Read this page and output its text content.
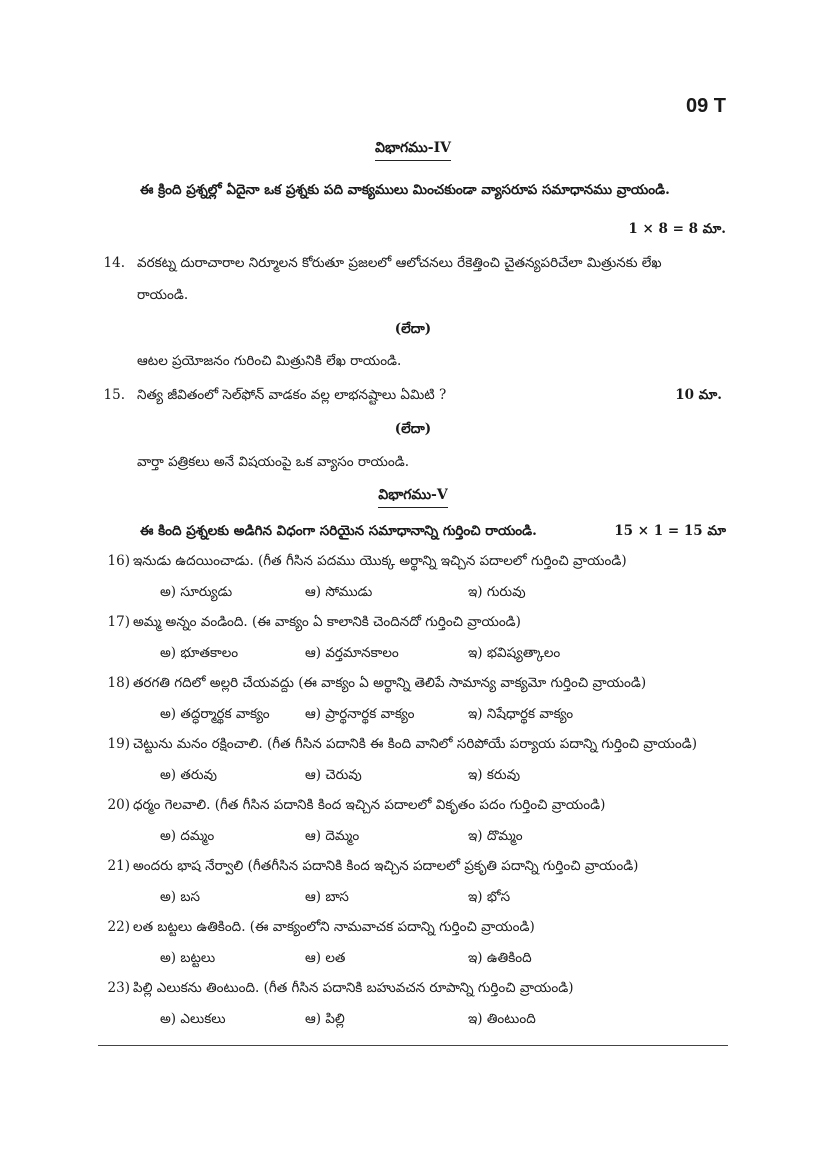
09 T
విభాగము-IV
ఈ క్రింది ప్రశ్నల్లో ఏదైనా ఒక ప్రశ్నకు పది వాక్యములు మించకుండా వ్యాసరూప సమాధానము వ్రాయండి.
1 × 8 = 8 మా.
14. వరకట్న దురాచారాల నిర్మూలన కోరుతూ ప్రజలలో ఆలోచనలు రేకెత్తించి చైతన్యపరిచేలా మిత్రునకు లేఖ
రాయండి.
(లేదా)
ఆటల ప్రయోజనం గురించి మిత్రునికి లేఖ రాయండి.
15. నిత్య జీవితంలో సెల్‌ఫోన్ వాడకం వల్ల లాభనష్టాలు ఏమిటి ?	10 మా.
(లేదా)
వార్తా పత్రికలు అనే విషయంపై ఒక వ్యాసం రాయండి.
విభాగము-V
ఈ కింది ప్రశ్నలకు అడిగిన విధంగా సరియైన సమాధానాన్ని గుర్తించి రాయండి.	15 × 1 = 15 మా
16) ఇనుడు ఉదయించాడు. (గీత గీసిన పదము యొక్క అర్థాన్ని ఇచ్చిన పదాలలో గుర్తించి వ్రాయండి)
అ) సూర్యుడు	ఆ) సోముడు	ఇ) గురువు
17) అమ్మ అన్నం వండింది. (ఈ వాక్యం ఏ కాలానికి చెందినదో గుర్తించి వ్రాయండి)
అ) భూతకాలం	ఆ) వర్తమానకాలం	ఇ) భవిష్యత్కాలం
18) తరగతి గదిలో అల్లరి చేయవద్దు (ఈ వాక్యం ఏ అర్థాన్ని తెలిపే సామాన్య వాక్యమో గుర్తించి వ్రాయండి)
అ) తద్ధర్మార్థక వాక్యం	ఆ) ప్రార్థనార్థక వాక్యం	ఇ) నిషేధార్థక వాక్యం
19) చెట్టును మనం రక్షించాలి. (గీత గీసిన పదానికి ఈ కింది వానిలో సరిపోయే పర్యాయ పదాన్ని గుర్తించి వ్రాయండి)
అ) తరువు	ఆ) చెరువు	ఇ) కరువు
20) ధర్మం గెలవాలి. (గీత గీసిన పదానికి కింద ఇచ్చిన పదాలలో వికృతం పదం గుర్తించి వ్రాయండి)
అ) దమ్మం	ఆ) దెమ్మం	ఇ) దొమ్మం
21) అందరు భాష నేర్వాలి (గీతగీసిన పదానికి కింద ఇచ్చిన పదాలలో ప్రకృతి పదాన్ని గుర్తించి వ్రాయండి)
అ) బస	ఆ) బాస	ఇ) భోస
22) లత బట్టలు ఉతికింది. (ఈ వాక్యంలోని నామవాచక పదాన్ని గుర్తించి వ్రాయండి)
అ) బట్టలు	ఆ) లత	ఇ) ఉతికింది
23) పిల్లి ఎలుకను తింటుంది. (గీత గీసిన పదానికి బహువచన రూపాన్ని గుర్తించి వ్రాయండి)
అ) ఎలుకలు	ఆ) పిల్లి	ఇ) తింటుంది
